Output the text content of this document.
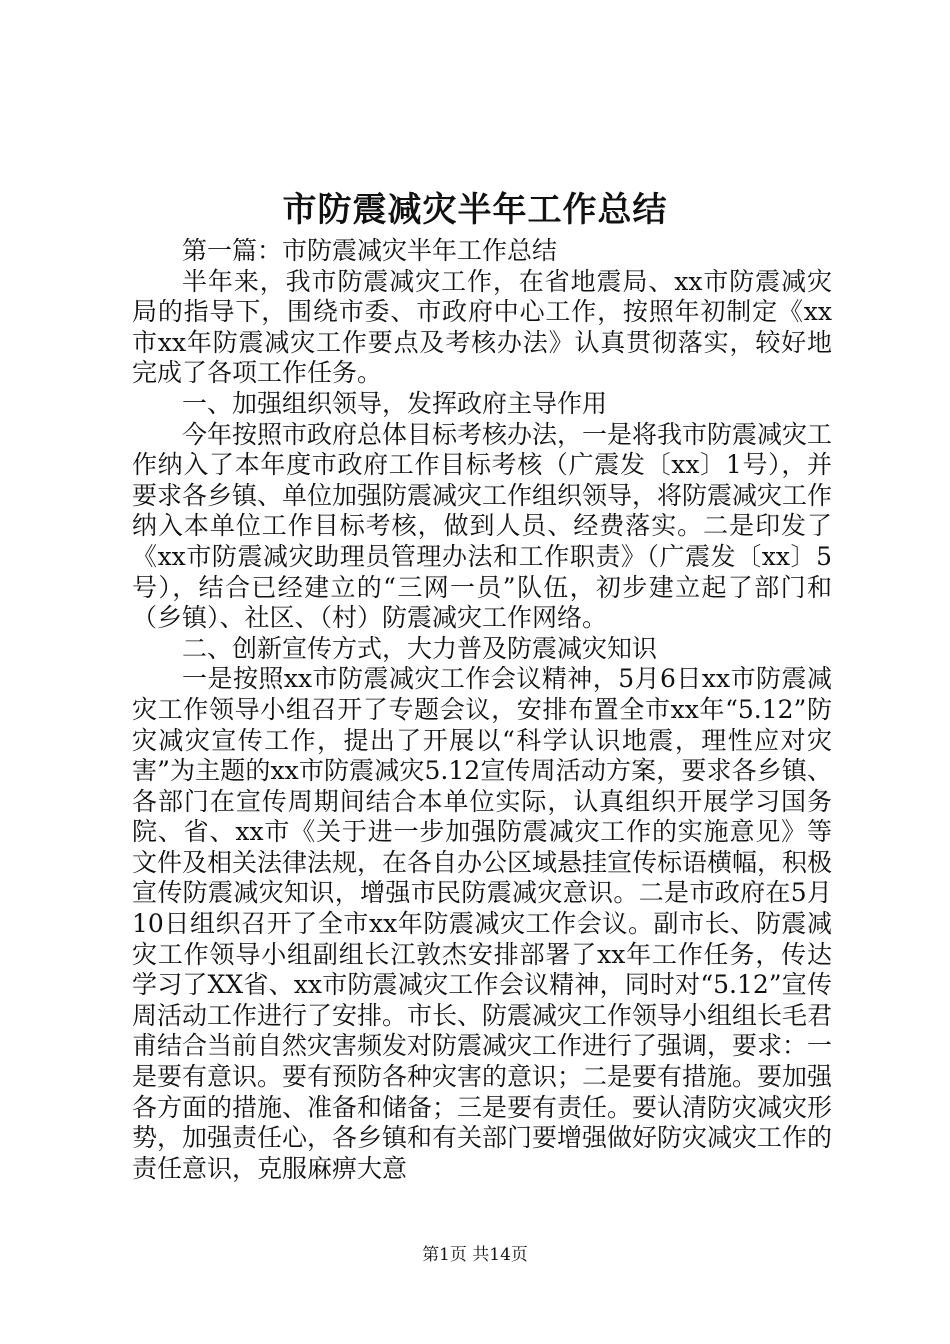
市防震减灾半年工作总结

第一篇：市防震减灾半年工作总结

半年来，我市防震减灾工作，在省地震局、xx市防震减灾局的指导下，围绕市委、市政府中心工作，按照年初制定《xx市xx年防震减灾工作要点及考核办法》认真贯彻落实，较好地完成了各项工作任务。

一、加强组织领导，发挥政府主导作用

今年按照市政府总体目标考核办法，一是将我市防震减灾工作纳入了本年度市政府工作目标考核（广震发〔xx〕1号），并要求各乡镇、单位加强防震减灾工作组织领导，将防震减灾工作纳入本单位工作目标考核，做到人员、经费落实。二是印发了《xx市防震减灾助理员管理办法和工作职责》（广震发〔xx〕5号），结合已经建立的“三网一员”队伍，初步建立起了部门和（乡镇）、社区、（村）防震减灾工作网络。

二、创新宣传方式，大力普及防震减灾知识

一是按照xx市防震减灾工作会议精神，5月6日xx市防震减灾工作领导小组召开了专题会议，安排布置全市xx年“5.12”防灾减灾宣传工作，提出了开展以“科学认识地震，理性应对灾害”为主题的xx市防震减灾5.12宣传周活动方案，要求各乡镇、各部门在宣传周期间结合本单位实际，认真组织开展学习国务院、省、xx市《关于进一步加强防震减灾工作的实施意见》等文件及相关法律法规，在各自办公区域悬挂宣传标语横幅，积极宣传防震减灾知识，增强市民防震减灾意识。二是市政府在5月10日组织召开了全市xx年防震减灾工作会议。副市长、防震减灾工作领导小组副组长江敦杰安排部署了xx年工作任务，传达学习了XX省、xx市防震减灾工作会议精神，同时对“5.12”宣传周活动工作进行了安排。市长、防震减灾工作领导小组组长毛君甫结合当前自然灾害频发对防震减灾工作进行了强调，要求：一是要有意识。要有预防各种灾害的意识；二是要有措施。要加强各方面的措施、准备和储备；三是要有责任。要认清防灾减灾形势，加强责任心，各乡镇和有关部门要增强做好防灾减灾工作的责任意识，克服麻痹大意

第1页 共14页
